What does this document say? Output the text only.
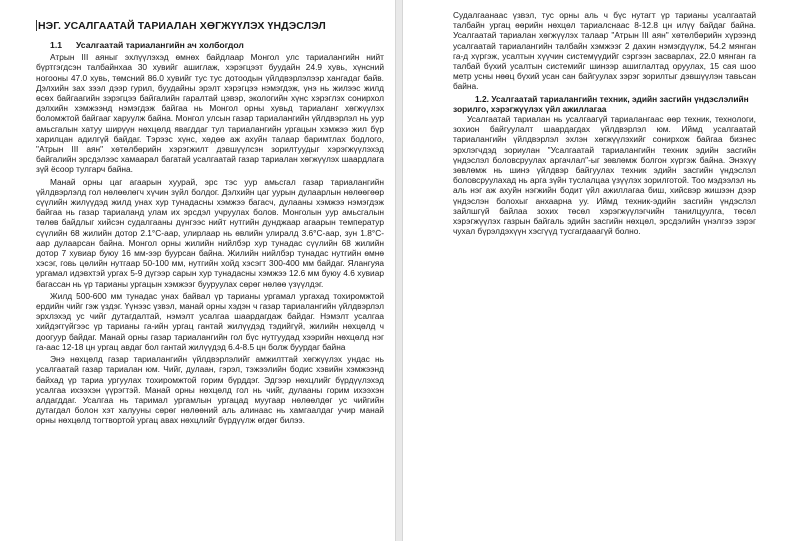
НЭГ. УСАЛГААТАЙ ТАРИАЛАН ХӨГЖҮҮЛЭХ ҮНДЭСЛЭЛ
1.1 Усалгаатай тариалангийн ач холбогдол

Атрын III аяныг эхлүүлэхэд өмнөх байдлаар Монгол улс тариалангийн нийт бүртгэгдсэн талбайнхаа 30 хувийг ашиглаж, хэрэгцээт буудайн 24.9 хувь, хүнсний ногооны 47.0 хувь, төмсний 86.0 хувийг тус тус дотоодын үйлдвэрлэлээр хангадаг байв. Дэлхийн зах зээл дээр гурил, буудайны эрэлт хэрэгцээ нэмэгдэж, үнэ нь жилээс жилд өсөх байгаагийн зэрэгцээ байгалийн гаралтай цэвэр, экологийн хүнс хэрэглэх сонирхол дэлхийн хэмжээнд нэмэгдэж байгаа нь Монгол орны хувьд тариаланг хөгжүүлэх боломжтой байгааг харуулж байна. Монгол улсын газар тариалангийн үйлдвэрлэл нь уур амьсгалын хатуу ширүүн нөхцөлд явагддаг тул тариалангийн ургацын хэмжээ жил бүр харилцан адилгүй байдаг. Тэрээс хүнс, хөдөө аж ахуйн талаар баримтлах бодлого, "Атрын III аян" хөтөлбөрийн хэрэгжилт дэвшүүлсэн зорилтуудыг хэрэгжүүлэхэд байгалийн эрсдэлээс хамаарал багатай усалгаатай газар тариалан хөгжүүлэх шаардлага зүй ёсоор тулгарч байна.

Манай орны цаг агаарын хуурай, эрс тэс уур амьсгал газар тариалангийн үйлдвэрлэлд гол нөлөөлөгч хүчин зүйл болдог. Дэлхийн цаг уурын дулаарлын нөлөөгөөр сүүлийн жилүүдэд жилд унах хур тунадасны хэмжээ багасч, дулааны хэмжээ нэмэгдэж байгаа нь газар тариаланд улам их эрсдэл учруулах болов. Монголын уур амьсгалын төлөв байдлыг хийсэн судалгааны дүнгээс нийт нутгийн дунджаар агаарын температур сүүлийн 68 жилийн дотор 2.1°С-аар, улирлаар нь өвлийн улиралд 3.6°С-аар, зун 1.8°С-аар дулаарсан байна. Монгол орны жилийн нийлбэр хур тунадас сүүлийн 68 жилийн дотор 7 хувиар буюу 16 мм-ээр буурсан байна. Жилийн нийлбэр тунадас нутгийн өмнө хэсэг, говь цөлийн нутгаар 50-100 мм, нутгийн хойд хэсэгт 300-400 мм байдаг. Ялангуяа ургамал идэвхтэй ургах 5-9 дүгээр сарын хур тунадасны хэмжээ 12.6 мм буюу 4.6 хувиар багассан нь үр тарианы ургацын хэмжээг бууруулах сөрөг нөлөө үзүүлдэг.

Жилд 500-600 мм тунадас унах байвал үр тарианы ургамал ургахад тохиромжтой ердийн чийг гэж үздэг. Үүнээс үзвэл, манай орны хэдэн ч газар тариалангийн үйлдвэрлэл эрхлэхэд ус чийг дутагдалтай, нэмэлт усалгаа шаардагдаж байдаг. Нэмэлт усалгаа хийдэггүйгээс үр тарианы га-ийн ургац гантай жилүүдэд тэдийгүй, жилийн нөхцөлд ч доогуур байдаг. Манай орны газар тариалангийн гол бүс нутгуудад хээрийн нөхцөлд нэг га-аас 12-18 цн ургац авдаг бол гантай жилүүдэд 6.4-8.5 цн болж буурдаг байна

Энэ нөхцөлд газар тариалангийн үйлдвэрлэлийг амжилттай хөгжүүлэх ундас нь усалгаатай газар тариалан юм. Чийг, дулаан, гэрэл, тэжээлийн бодис хэвийн хэмжээнд байхад үр тариа ургуулах тохиромжтой горим бүрддэг. Эдгээр нөхцлийг бүрдүүлэхэд усалгаа ихээхэн үүрэгтэй. Манай орны нөхцөлд гол нь чийг, дулааны горим ихээхэн алдагддаг. Усалгаа нь таримал ургамлын ургацад муугаар нөлөөлдөг ус чийгийн дутагдал болон хэт халууны сөрөг нөлөөний аль алинаас нь хамгаалдаг учир манай орны нөхцөлд тогтвортой ургац авах нөхцлийг бүрдүүлж өгдөг билээ.

Судалгаанаас үзвэл, тус орны аль ч бүс нутагт үр тарианы усалгаатай талбайн ургац өөрийн нөхцөл тариалснаас 8-12.8 цн илүү байдаг байна. Усалгаатай тариалан хөгжүүлэх талаар "Атрын III аян" хөтөлбөрийн хүрээнд усалгаатай тариалангийн талбайн хэмжээг 2 дахин нэмэгдүүлж, 54.2 мянган га-д хүргэж, усалтын хүүчин системүүдийг сэргээн засварлах, 22.0 мянган га талбай бүхий усалтын системийг шинээр ашиглалтад оруулах, 15 сая шоо метр усны нөөц бүхий усан сан байгуулах зэрэг зорилтыг дэвшүүлэн тавьсан байна.

1.2. Усалгаатай тариалангийн техник, эдийн засгийн үндэслэлийн зорилго, хэрэгжүүлэх үйл ажиллагаа

Усалгаатай тариалан нь усалгаагүй тариалангаас өөр техник, технологи, зохион байгуулалт шаардагдах үйлдвэрлэл юм. Иймд усалгаатай тариалангийн үйлдвэрлэл эхлэн хөгжүүлэхийг сонирхож байгаа бизнес эрхлэгчдэд зориулан "Усалгаатай тариалангийн техник эдийн засгийн үндэслэл боловсруулах аргачлал"-ыг зөвлөмж болгон хүргэж байна. Энэхүү зөвлөмж нь шинэ үйлдвэр байгуулах техник эдийн засгийн үндэслэл боловсруулахад нь арга зүйн туслалцаа үзүүлэх зорилготой. Тоо мэдээлэл нь аль нэг аж ахуйн нэгжийн бодит үйл ажиллагаа биш, хийсвэр жишээн дээр үндэслэн болохыг анхаарна уу. Иймд техник-эдийн засгийн үндэслэл зайлшгүй байлаа зохих төсөл хэрэгжүүлэгчийн танилцуулга, төсөл хэрэгжүүлэх газрын байгаль эдийн засгийн нөхцөл, эрсдэлийн үнэлгээ зэрэг чухал бүрэлдэхүүн хэсгүүд тусгагдааагүй болно.
